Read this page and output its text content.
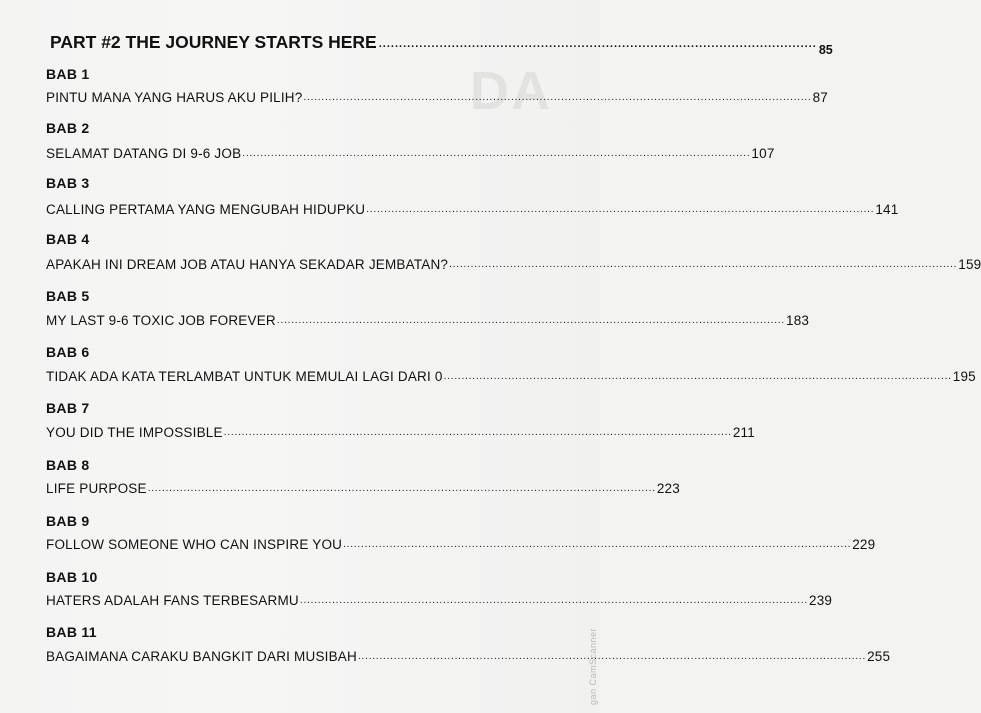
DA
PART #2 THE JOURNEY STARTS HERE ............................................................................................................ 85
BAB 1
PINTU MANA YANG HARUS AKU PILIH? .............................................................................................................................................. 87
BAB 2
SELAMAT DATANG DI 9-6 JOB .............................................................................................................................................. 107
BAB 3
CALLING PERTAMA YANG MENGUBAH HIDUPKU .............................................................................................................................................. 141
BAB 4
APAKAH INI DREAM JOB ATAU HANYA SEKADAR JEMBATAN? .............................................................................................................................................. 159
BAB 5
MY LAST 9-6 TOXIC JOB FOREVER .............................................................................................................................................. 183
BAB 6
TIDAK ADA KATA TERLAMBAT UNTUK MEMULAI LAGI DARI 0 .............................................................................................................................................. 195
BAB 7
YOU DID THE IMPOSSIBLE .............................................................................................................................................. 211
BAB 8
LIFE PURPOSE .............................................................................................................................................. 223
BAB 9
FOLLOW SOMEONE WHO CAN INSPIRE YOU .............................................................................................................................................. 229
BAB 10
HATERS ADALAH FANS TERBESARMU .............................................................................................................................................. 239
BAB 11
BAGAIMANA CARAKU BANGKIT DARI MUSIBAH .............................................................................................................................................. 255
gan CamScanner
